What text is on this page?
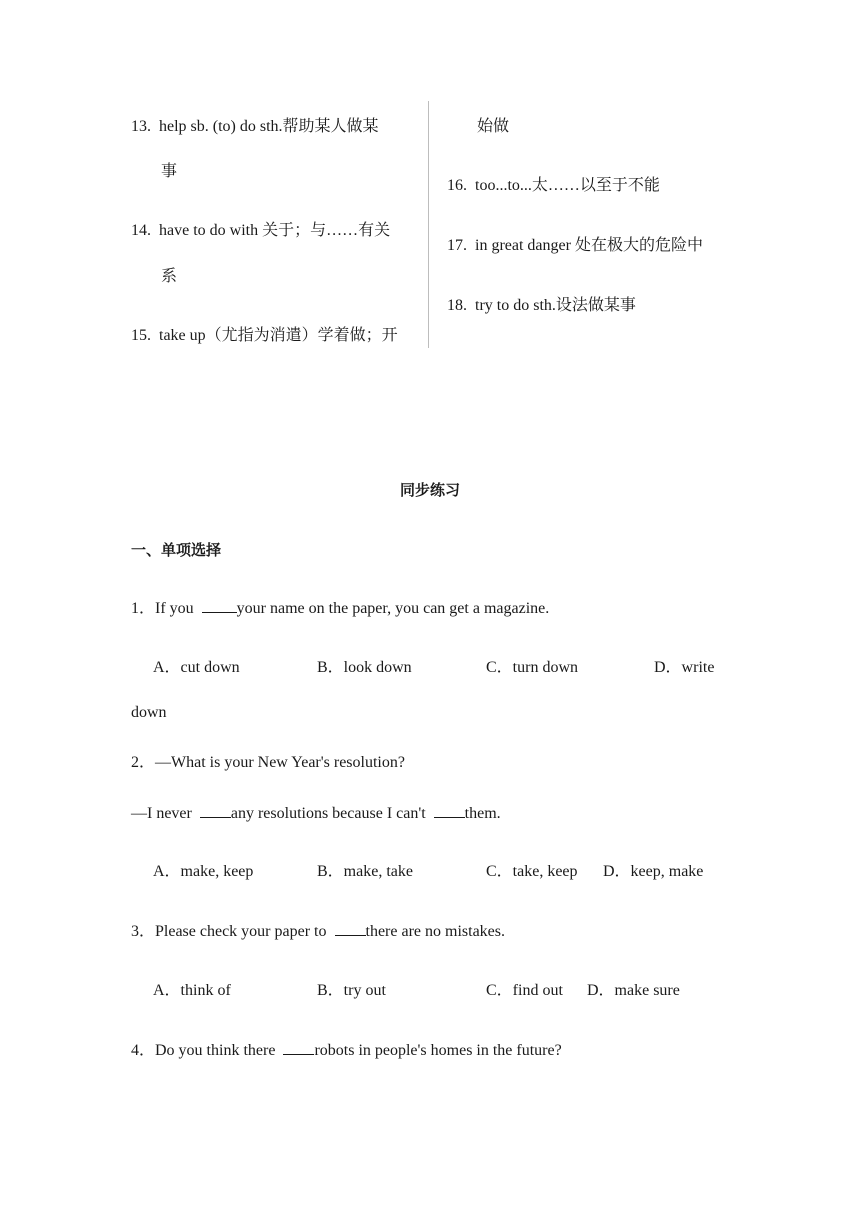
13. help sb. (to) do sth.帮助某人做某
事
14. have to do with 关于；与……有关
系
15. take up（尤指为消遣）学着做；开
始做
16. too...to...太……以至于不能
17. in great danger 处在极大的危险中
18. try to do sth.设法做某事
同步练习
一、单项选择
1．If you	your name on the paper, you can get a magazine.
A．cut down	B．look down	C．turn down	D．write
down
2．—What is your New Year's resolution?
—I never any resolutions because I can't them.
A．make, keep	B．make, take	C．take, keep D．keep, make
3．Please check your paper to there are no mistakes.
A．think of	B．try out	C．find out D．make sure
4．Do you think there robots in people's homes in the future?
